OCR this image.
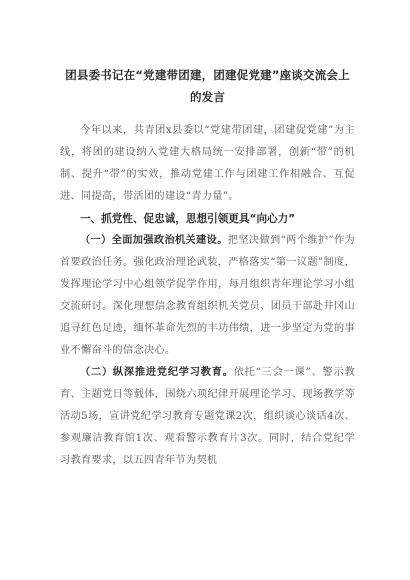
团县委书记在“党建带团建，团建促党建”座谈交流会上
的发言

今年以来，共青团x县委以“党建带团建，团建促党建”为主线，将团的建设纳入党建大格局统一安排部署，创新“带”的机制、提升“带”的实效，推动党建工作与团建工作相融合、互促进、同提高，带活团的建设“青力量”。

一、抓党性、促忠诚，思想引领更具“向心力”

（一）全面加强政治机关建设。把坚决做到“两个维护”作为首要政治任务。强化政治理论武装，严格落实“第一议题”制度，发挥理论学习中心组领学促学作用，每月组织青年理论学习小组交流研讨。深化理想信念教育组织机关党员、团员干部赴井冈山追寻红色足迹，缅怀革命先烈的丰功伟绩，进一步坚定为党的事业不懈奋斗的信念决心。

（二）纵深推进党纪学习教育。依托“三会一课”、警示教育、主题党日等载体，围绕六项纪律开展理论学习、现场教学等活动5场，宣讲党纪学习教育专题党课2次，组织谈心谈话4次、参观廉洁教育馆1次、观看警示教育片3次。同时，结合党纪学习教育要求，以五四青年节为契机
